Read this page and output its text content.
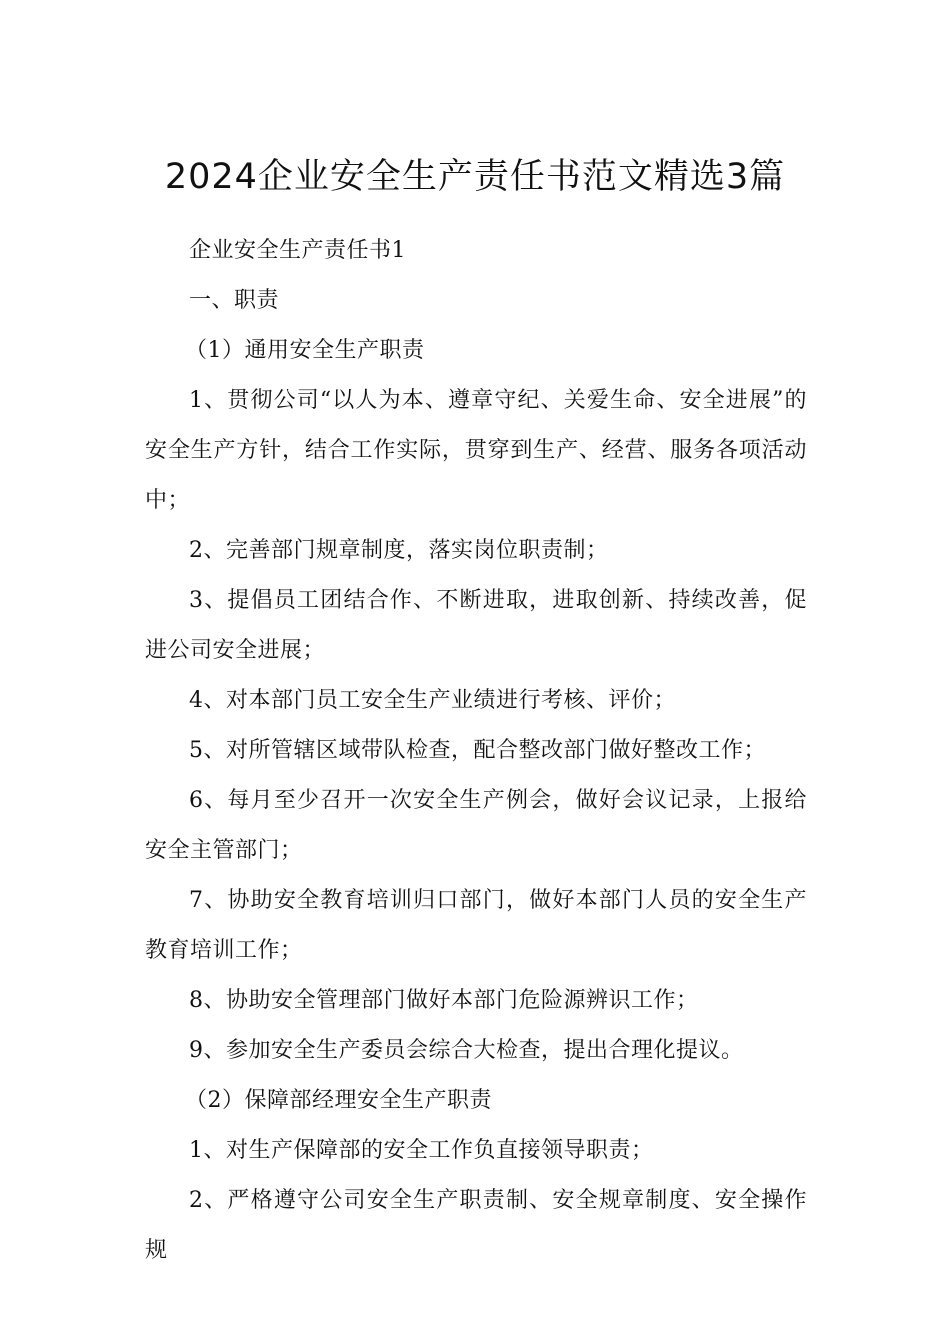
2024企业安全生产责任书范文精选3篇

企业安全生产责任书1

一、职责

（1）通用安全生产职责

1、贯彻公司“以人为本、遵章守纪、关爱生命、安全进展”的安全生产方针，结合工作实际，贯穿到生产、经营、服务各项活动中；

2、完善部门规章制度，落实岗位职责制；

3、提倡员工团结合作、不断进取，进取创新、持续改善，促进公司安全进展；

4、对本部门员工安全生产业绩进行考核、评价；

5、对所管辖区域带队检查，配合整改部门做好整改工作；

6、每月至少召开一次安全生产例会，做好会议记录，上报给安全主管部门；

7、协助安全教育培训归口部门，做好本部门人员的安全生产教育培训工作；

8、协助安全管理部门做好本部门危险源辨识工作；

9、参加安全生产委员会综合大检查，提出合理化提议。

（2）保障部经理安全生产职责

1、对生产保障部的安全工作负直接领导职责；

2、严格遵守公司安全生产职责制、安全规章制度、安全操作规
